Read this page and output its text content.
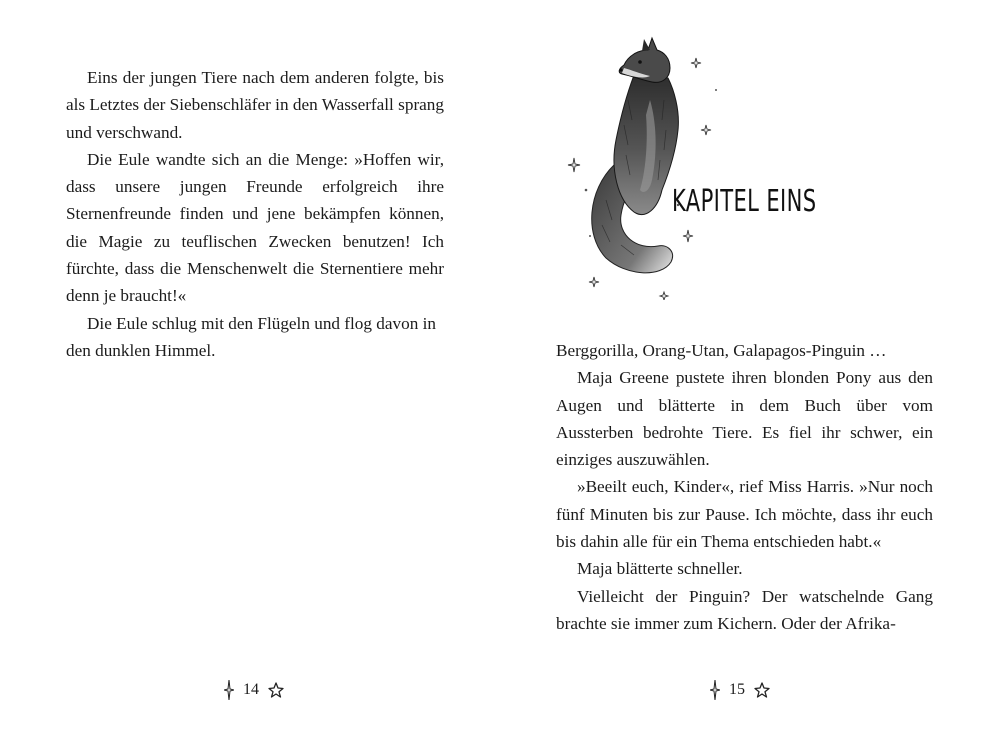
Eins der jungen Tiere nach dem anderen folgte, bis als Letztes der Siebenschläfer in den Wasserfall sprang und verschwand.

Die Eule wandte sich an die Menge: »Hoffen wir, dass unsere jungen Freunde erfolgreich ihre Sternenfreunde finden und jene bekämpfen können, die Magie zu teuflischen Zwecken benutzen! Ich fürchte, dass die Menschenwelt die Sternentiere mehr denn je braucht!«

Die Eule schlug mit den Flügeln und flog davon in den dunklen Himmel.

14
KAPITEL EINS

Berggorilla, Orang-Utan, Galapagos-Pinguin …

Maja Greene pustete ihren blonden Pony aus den Augen und blätterte in dem Buch über vom Aussterben bedrohte Tiere. Es fiel ihr schwer, ein einziges auszuwählen.

»Beeilt euch, Kinder«, rief Miss Harris. »Nur noch fünf Minuten bis zur Pause. Ich möchte, dass ihr euch bis dahin alle für ein Thema entschieden habt.«

Maja blätterte schneller.

Vielleicht der Pinguin? Der watschelnde Gang brachte sie immer zum Kichern. Oder der Afrika-

15
